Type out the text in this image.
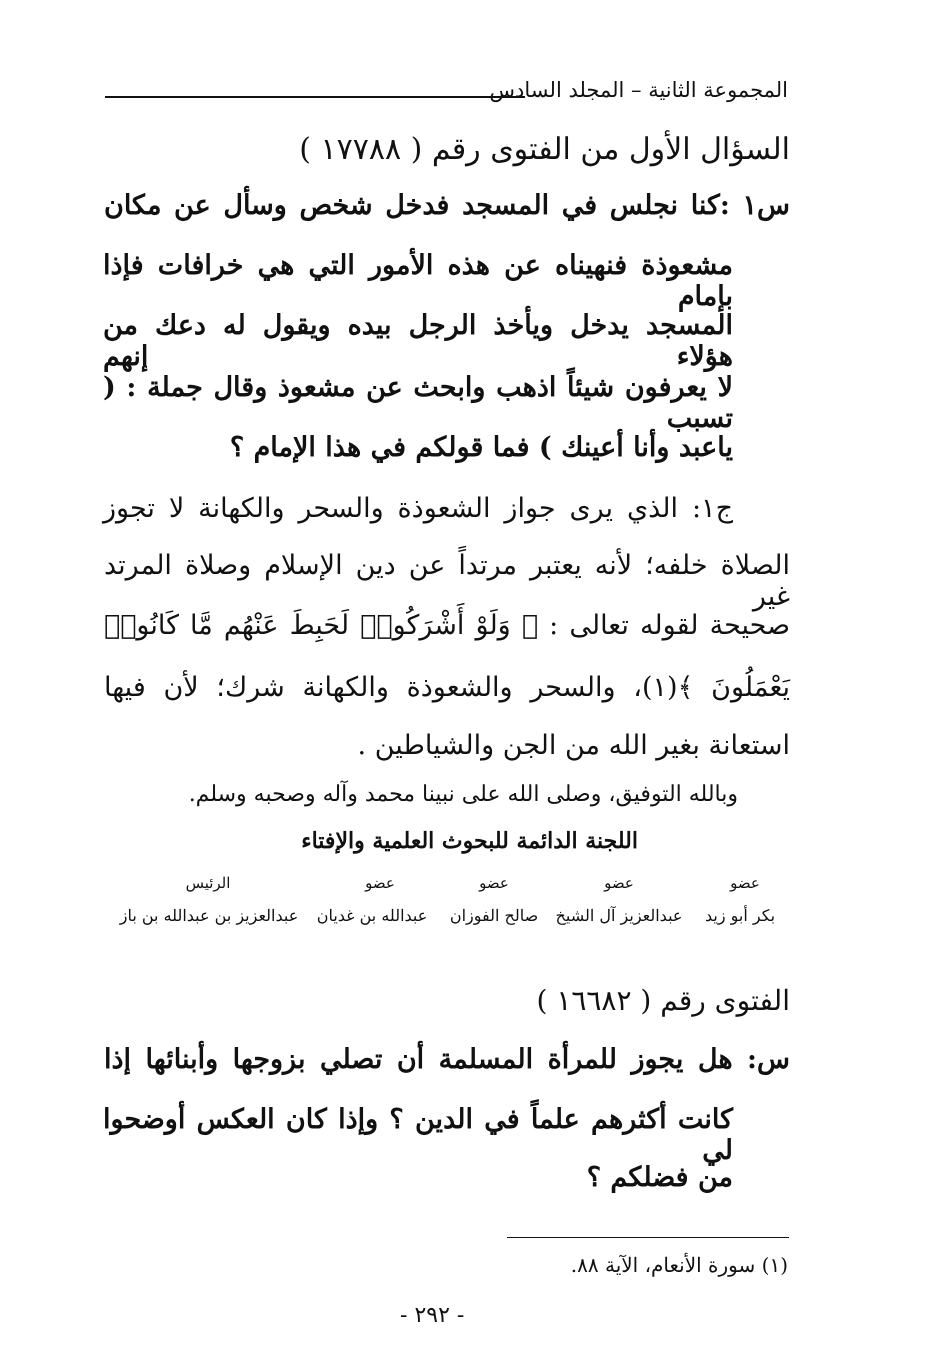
المجموعة الثانية – المجلد السادس
السؤال الأول من الفتوى رقم ( ١٧٧٨٨ )
س١ :كنا نجلس في المسجد فدخل شخص وسأل عن مكان
مشعوذة فنهيناه عن هذه الأمور التي هي خرافات فإذا بإمام
المسجد يدخل ويأخذ الرجل بيده ويقول له دعك من هؤلاء إنهم
لا يعرفون شيئاً اذهب وابحث عن مشعوذ وقال جملة : ( تسبب
ياعبد وأنا أعينك ) فما قولكم في هذا الإمام ؟
ج١: الذي يرى جواز الشعوذة والسحر والكهانة لا تجوز
الصلاة خلفه؛ لأنه يعتبر مرتداً عن دين الإسلام وصلاة المرتد غير
صحيحة لقوله تعالى : ﴿ وَلَوْ أَشْرَكُوا۟ لَحَبِطَ عَنْهُم مَّا كَانُوا۟
يَعْمَلُونَ ﴾(١)، والسحر والشعوذة والكهانة شرك؛ لأن فيها
استعانة بغير الله من الجن والشياطين .
وبالله التوفيق، وصلى الله على نبينا محمد وآله وصحبه وسلم.
اللجنة الدائمة للبحوث العلمية والإفتاء
عضو
عضو
عضو
عضو
الرئيس
بكر أبو زيد
عبدالعزيز آل الشيخ
صالح الفوزان
عبدالله بن غديان
عبدالعزيز بن عبدالله بن باز
الفتوى رقم ( ١٦٦٨٢ )
س: هل يجوز للمرأة المسلمة أن تصلي بزوجها وأبنائها إذا
كانت أكثرهم علماً في الدين ؟ وإذا كان العكس أوضحوا لي
من فضلكم ؟
(١) سورة الأنعام، الآية ٨٨.
- ٢٩٢ -
